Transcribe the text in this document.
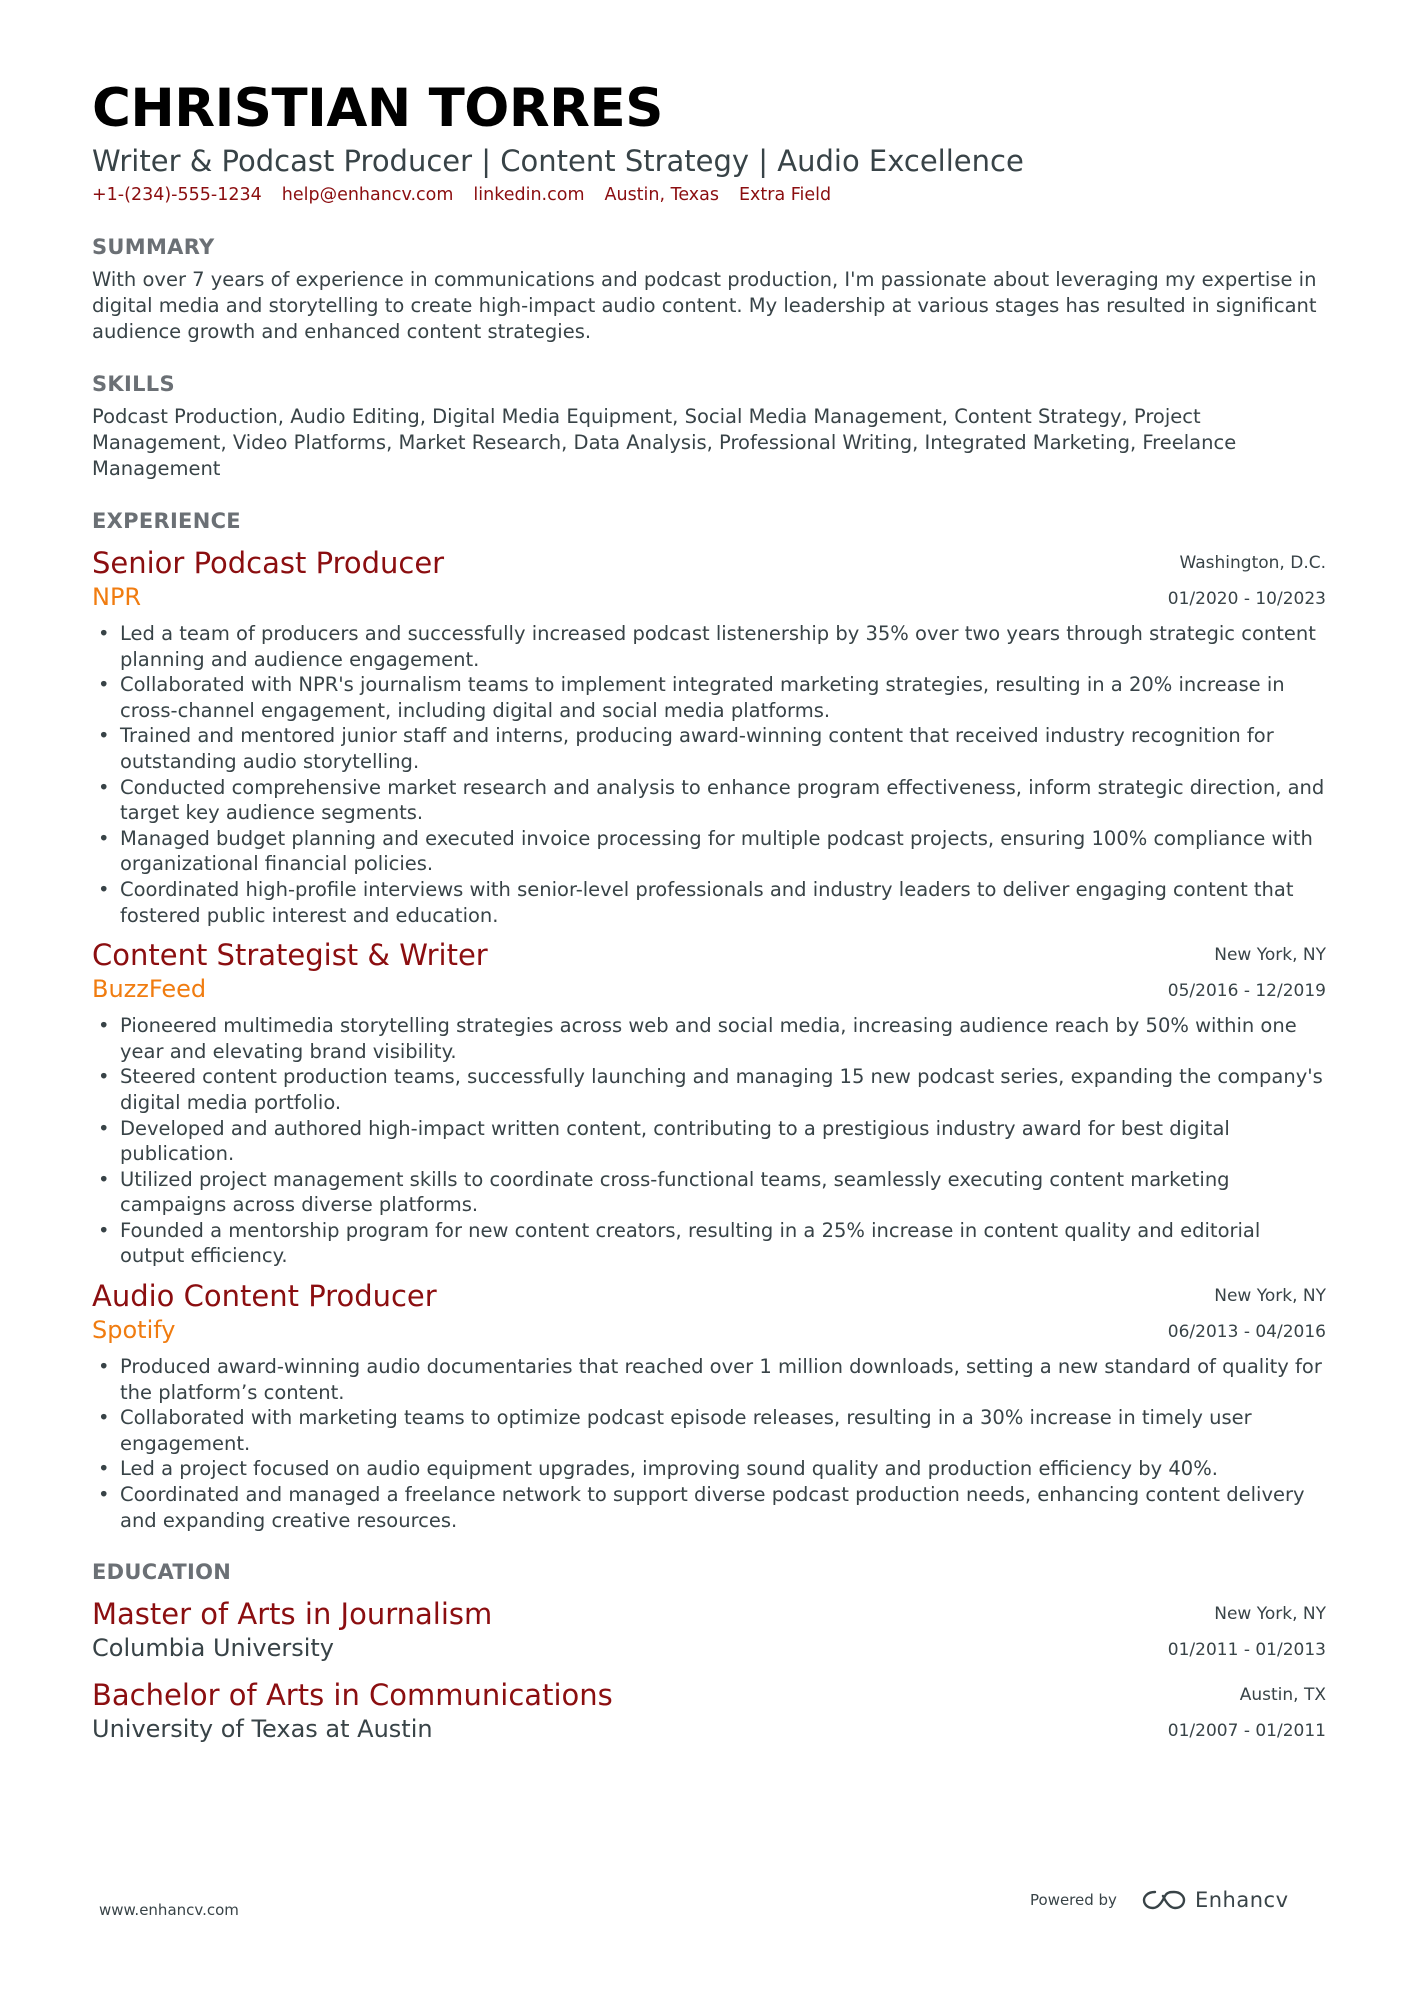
CHRISTIAN TORRES
Writer & Podcast Producer | Content Strategy | Audio Excellence
+1-(234)-555-1234 help@enhancv.com linkedin.com Austin, Texas Extra Field
SUMMARY
With over 7 years of experience in communications and podcast production, I'm passionate about leveraging my expertise in digital media and storytelling to create high-impact audio content. My leadership at various stages has resulted in significant audience growth and enhanced content strategies.
SKILLS
Podcast Production, Audio Editing, Digital Media Equipment, Social Media Management, Content Strategy, Project Management, Video Platforms, Market Research, Data Analysis, Professional Writing, Integrated Marketing, Freelance Management
EXPERIENCE
Senior Podcast Producer
NPR
Washington, D.C.
01/2020 - 10/2023
• Led a team of producers and successfully increased podcast listenership by 35% over two years through strategic content planning and audience engagement.
• Collaborated with NPR's journalism teams to implement integrated marketing strategies, resulting in a 20% increase in cross-channel engagement, including digital and social media platforms.
• Trained and mentored junior staff and interns, producing award-winning content that received industry recognition for outstanding audio storytelling.
• Conducted comprehensive market research and analysis to enhance program effectiveness, inform strategic direction, and target key audience segments.
• Managed budget planning and executed invoice processing for multiple podcast projects, ensuring 100% compliance with organizational financial policies.
• Coordinated high-profile interviews with senior-level professionals and industry leaders to deliver engaging content that fostered public interest and education.
Content Strategist & Writer
BuzzFeed
New York, NY
05/2016 - 12/2019
• Pioneered multimedia storytelling strategies across web and social media, increasing audience reach by 50% within one year and elevating brand visibility.
• Steered content production teams, successfully launching and managing 15 new podcast series, expanding the company's digital media portfolio.
• Developed and authored high-impact written content, contributing to a prestigious industry award for best digital publication.
• Utilized project management skills to coordinate cross-functional teams, seamlessly executing content marketing campaigns across diverse platforms.
• Founded a mentorship program for new content creators, resulting in a 25% increase in content quality and editorial output efficiency.
Audio Content Producer
Spotify
New York, NY
06/2013 - 04/2016
• Produced award-winning audio documentaries that reached over 1 million downloads, setting a new standard of quality for the platform’s content.
• Collaborated with marketing teams to optimize podcast episode releases, resulting in a 30% increase in timely user engagement.
• Led a project focused on audio equipment upgrades, improving sound quality and production efficiency by 40%.
• Coordinated and managed a freelance network to support diverse podcast production needs, enhancing content delivery and expanding creative resources.
EDUCATION
Master of Arts in Journalism
Columbia University
New York, NY
01/2011 - 01/2013
Bachelor of Arts in Communications
University of Texas at Austin
Austin, TX
01/2007 - 01/2011
www.enhancv.com
Powered by	Enhancv
